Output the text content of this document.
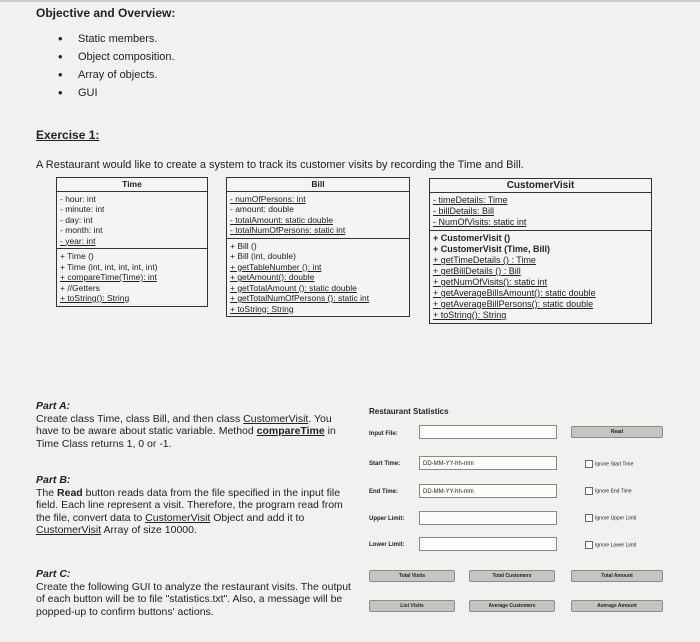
Objective and Overview:
• Static members.
• Object composition.
• Array of objects.
• GUI
Exercise 1:
A Restaurant would like to create a system to track its customer visits by recording the Time and Bill.
Time
- hour: int
- minute: int
- day: int
- month: int
- year: int
+ Time ()
+ Time (int, int, int, int, int)
+ compareTime(Time): int
+ //Getters
+ toString(): String
Bill
- numOfPersons: int
- amount: double
- totalAmount: static double
- totalNumOfPersons: static int
+ Bill ()
+ Bill (int, double)
+ getTableNumber (): int
+ getAmount(): double
+ getTotalAmount (): static double
+ getTotalNumOfPersons (): static int
+ toString: String
CustomerVisit
- timeDetails: Time
- billDetails: Bill
- NumOfVisits: static int
+ CustomerVisit ()
+ CustomerVisit (Time, Bill)
+ getTimeDetails () : Time
+ getBillDetails () : Bill
+ getNumOfVisits(): static int
+ getAverageBillsAmount(): static double
+ getAverageBillPersons(): static double
+ toString(): String
Part A:
Create class Time, class Bill, and then class CustomerVisit. You have to be aware about static variable. Method compareTime in Time Class returns 1, 0 or -1.
Part B:
The Read button reads data from the file specified in the input file field. Each line represent a visit. Therefore, the program read from the file, convert data to CustomerVisit Object and add it to CustomerVisit Array of size 10000.
Part C:
Create the following GUI to analyze the restaurant visits. The output of each button will be to file "statistics.txt". Also, a message will be popped-up to confirm buttons' actions.
Restaurant Statistics
Input File:	Read
Start Time:	DD-MM-YY-hh-mm	Ignore Start Time
End Time:	DD-MM-YY-hh-mm	Ignore End Time
Upper Limit:	Ignore Upper Limit
Lower Limit:	Ignore Lower Limit
Total Visits	Total Customers	Total Amount
List Visits	Average Customers	Average Amount
